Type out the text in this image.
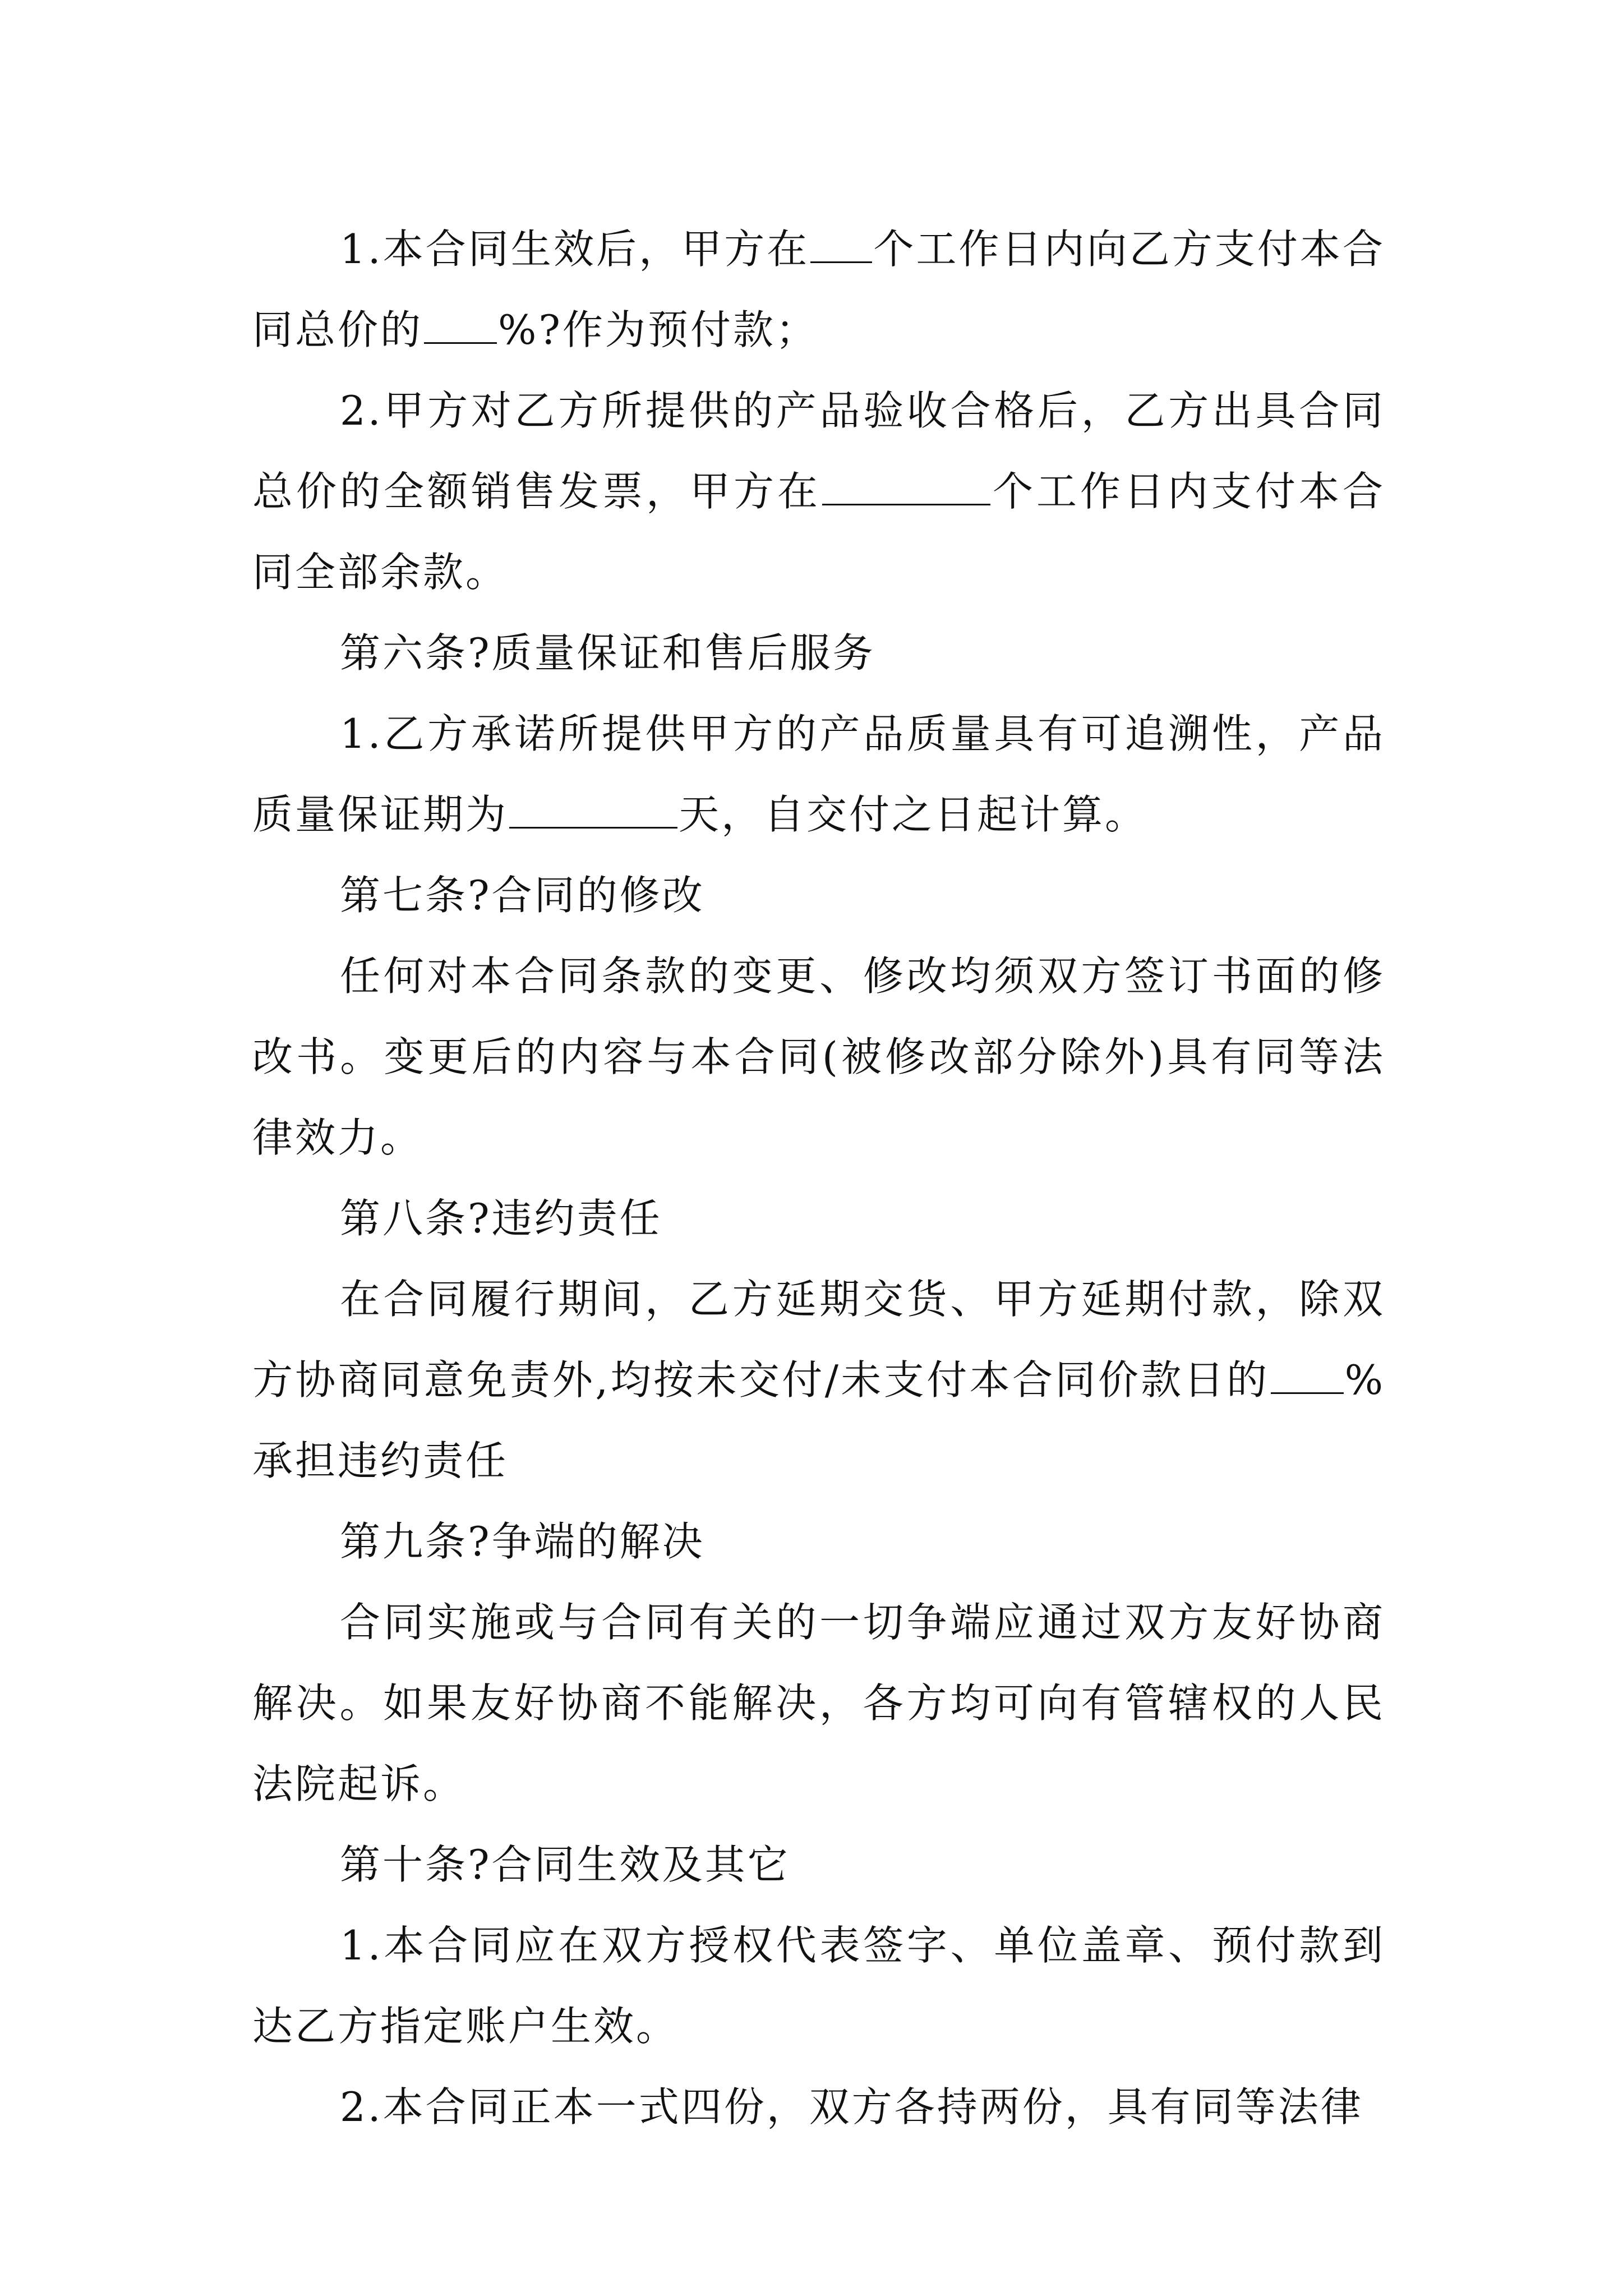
1.本合同生效后，甲方在 个工作日内向乙方支付本合同总价的 %?作为预付款；

2.甲方对乙方所提供的产品验收合格后，乙方出具合同总价的全额销售发票，甲方在	个工作日内支付本合同全部余款。

第六条?质量保证和售后服务

1.乙方承诺所提供甲方的产品质量具有可追溯性，产品质量保证期为	天，自交付之日起计算。

第七条?合同的修改

任何对本合同条款的变更、修改均须双方签订书面的修改书。变更后的内容与本合同(被修改部分除外)具有同等法律效力。

第八条?违约责任

在合同履行期间，乙方延期交货、甲方延期付款，除双方协商同意免责外,均按未交付/未支付本合同价款日的 %承担违约责任

第九条?争端的解决

合同实施或与合同有关的一切争端应通过双方友好协商解决。如果友好协商不能解决，各方均可向有管辖权的人民法院起诉。

第十条?合同生效及其它

1.本合同应在双方授权代表签字、单位盖章、预付款到达乙方指定账户生效。

2.本合同正本一式四份，双方各持两份，具有同等法律
